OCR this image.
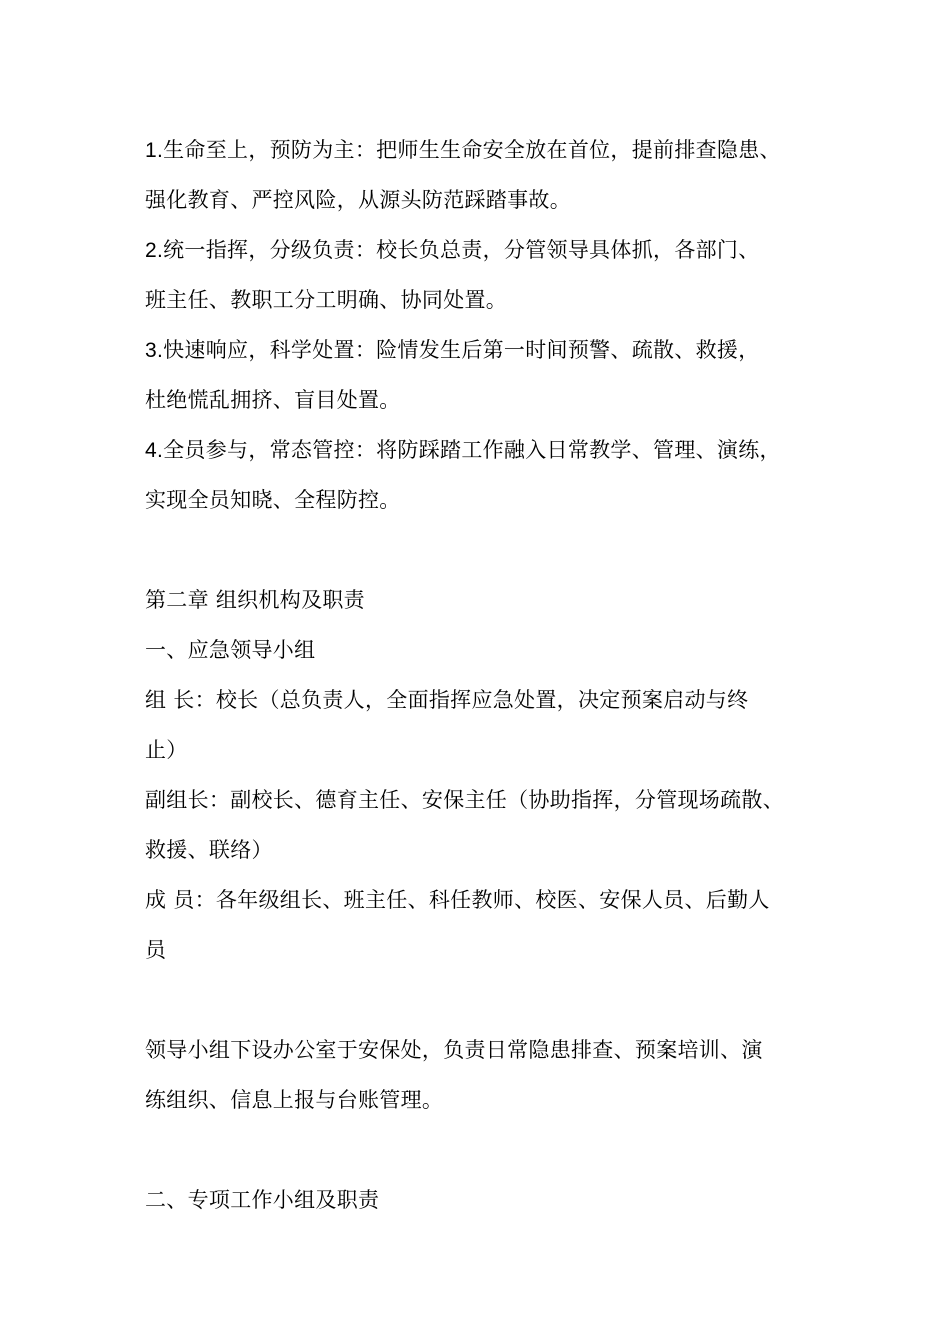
1.生命至上，预防为主：把师生生命安全放在首位，提前排查隐患、
强化教育、严控风险，从源头防范踩踏事故。
2.统一指挥，分级负责：校长负总责，分管领导具体抓，各部门、
班主任、教职工分工明确、协同处置。
3.快速响应，科学处置：险情发生后第一时间预警、疏散、救援，
杜绝慌乱拥挤、盲目处置。
4.全员参与，常态管控：将防踩踏工作融入日常教学、管理、演练，
实现全员知晓、全程防控。
第二章 组织机构及职责
一、应急领导小组
组 长：校长（总负责人，全面指挥应急处置，决定预案启动与终
止）
副组长：副校长、德育主任、安保主任（协助指挥，分管现场疏散、
救援、联络）
成 员：各年级组长、班主任、科任教师、校医、安保人员、后勤人
员
领导小组下设办公室于安保处，负责日常隐患排查、预案培训、演
练组织、信息上报与台账管理。
二、专项工作小组及职责
